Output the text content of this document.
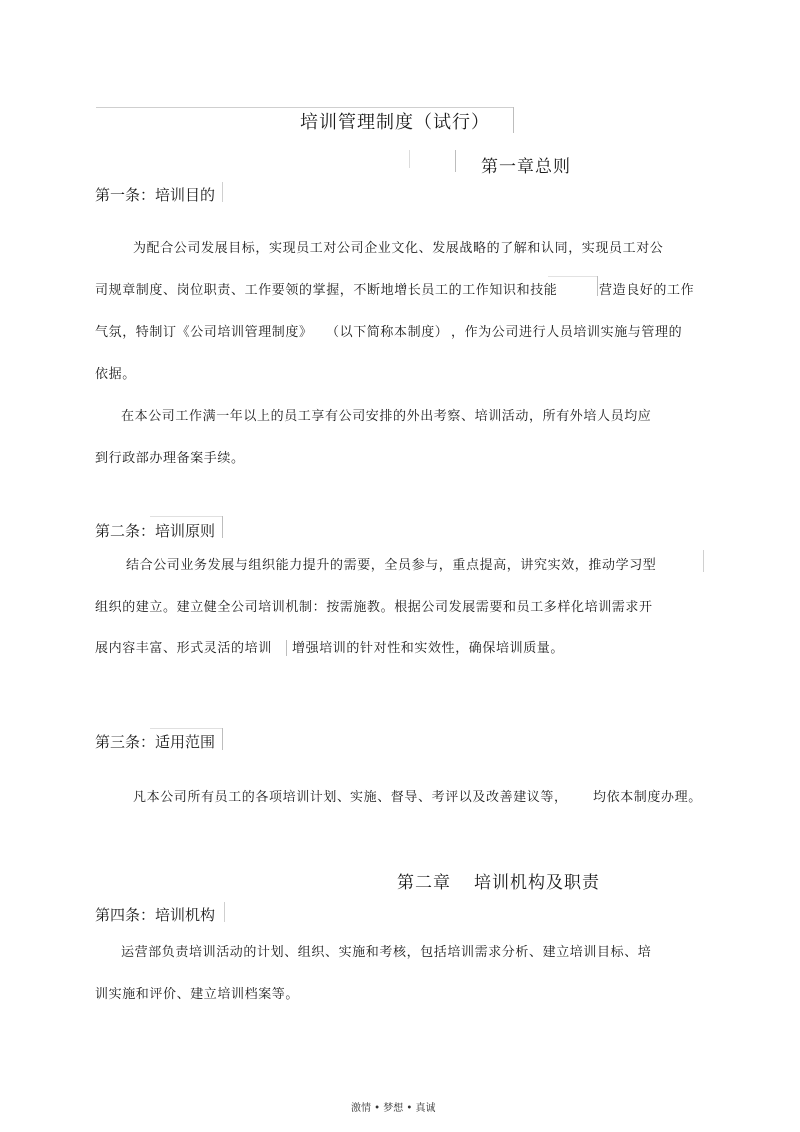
培训管理制度（试行）
第一章总则
第一条：培训目的
为配合公司发展目标，实现员工对公司企业文化、发展战略的了解和认同，实现员工对公
司规章制度、岗位职责、工作要领的掌握，不断地增长员工的工作知识和技能	营造良好的工作
气氛，特制订《公司培训管理制度》 （以下简称本制度） ，作为公司进行人员培训实施与管理的
依据。
在本公司工作满一年以上的员工享有公司安排的外出考察、培训活动，所有外培人员均应
到行政部办理备案手续。
第二条：培训原则
结合公司业务发展与组织能力提升的需要，全员参与，重点提高，讲究实效，推动学习型
组织的建立。建立健全公司培训机制：按需施教。根据公司发展需要和员工多样化培训需求开
展内容丰富、形式灵活的培训 增强培训的针对性和实效性，确保培训质量。
第三条：适用范围
凡本公司所有员工的各项培训计划、 实施、督导、考评以及改善建议等， 均依本制度办理。
第二章 培训机构及职责
第四条：培训机构
运营部负责培训活动的计划、组织、实施和考核，包括培训需求分析、建立培训目标、培
训实施和评价、建立培训档案等。
激情 • 梦想 • 真诚
